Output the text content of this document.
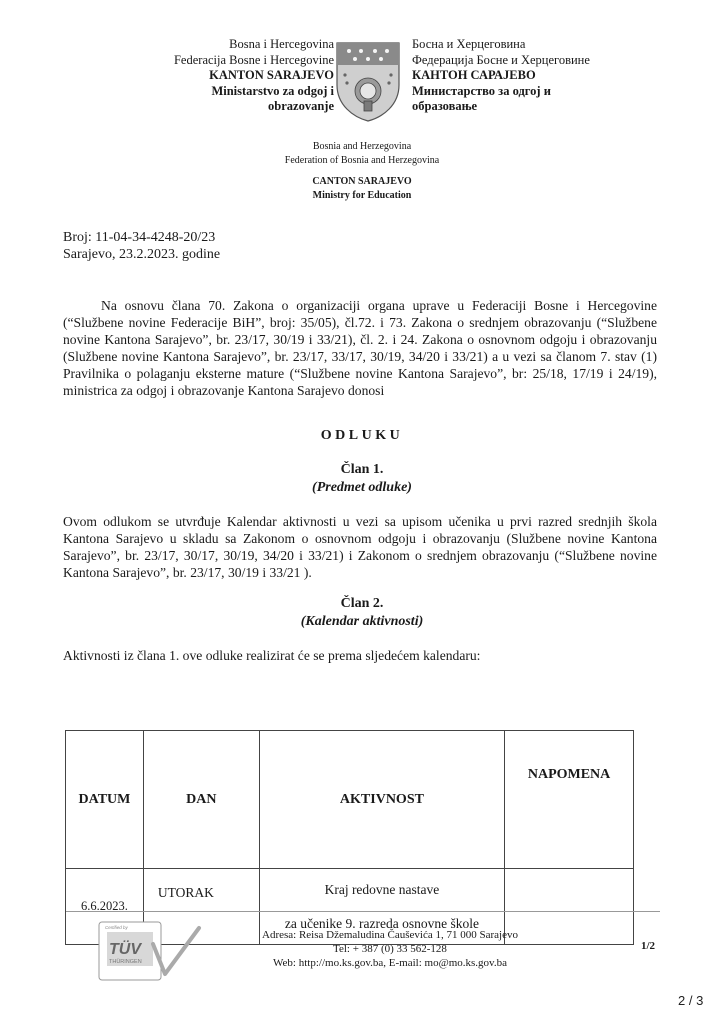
Bosna i Hercegovina
Federacija Bosne i Hercegovine
KANTON SARAJEVO
Ministarstvo za odgoj i
obrazovanje
Босна и Херцеговина
Федерација Босне и Херцеговине
КАНТОН САРАЈЕВО
Министарство за одгој и
образовање
Bosnia and Herzegovina
Federation of Bosnia and Herzegovina
CANTON SARAJEVO
Ministry for Education
Broj: 11-04-34-4248-20/23
Sarajevo, 23.2.2023. godine
Na osnovu člana 70. Zakona o organizaciji organa uprave u Federaciji Bosne i Hercegovine (“Službene novine Federacije BiH”, broj: 35/05), čl.72. i 73. Zakona o srednjem obrazovanju (“Službene novine Kantona Sarajevo”, br. 23/17, 30/19 i 33/21), čl. 2. i 24. Zakona o osnovnom odgoju i obrazovanju (Službene novine Kantona Sarajevo”, br. 23/17, 33/17, 30/19, 34/20 i 33/21) a u vezi sa članom 7. stav (1) Pravilnika o polaganju eksterne mature (“Službene novine Kantona Sarajevo”, br: 25/18, 17/19 i 24/19), ministrica za odgoj i obrazovanje Kantona Sarajevo donosi
ODLUKU
Član 1.
(Predmet odluke)
Ovom odlukom se utvrđuje Kalendar aktivnosti u vezi sa upisom učenika u prvi razred srednjih škola Kantona Sarajevo u skladu sa Zakonom o osnovnom odgoju i obrazovanju (Službene novine Kantona Sarajevo”, br. 23/17, 30/17, 30/19, 34/20 i 33/21) i Zakonom o srednjem obrazovanju (“Službene novine Kantona Sarajevo”, br. 23/17, 30/19 i 33/21 ).
Član 2.
(Kalendar aktivnosti)
Aktivnosti iz člana 1. ove odluke realizirat će se prema sljedećem kalendaru:
DATUM	DAN	AKTIVNOST	NAPOMENA
6.6.2023.	UTORAK	Kraj redovne nastave
za učenike 9. razreda osnovne škole	

TÜV
THÜRINGEN
Certified by
Adresa: Reisa Džemaludina Čauševića 1, 71 000 Sarajevo
Tel: + 387 (0) 33 562-128
Web: http://mo.ks.gov.ba, E-mail: mo@mo.ks.gov.ba
1/2
2 / 3
